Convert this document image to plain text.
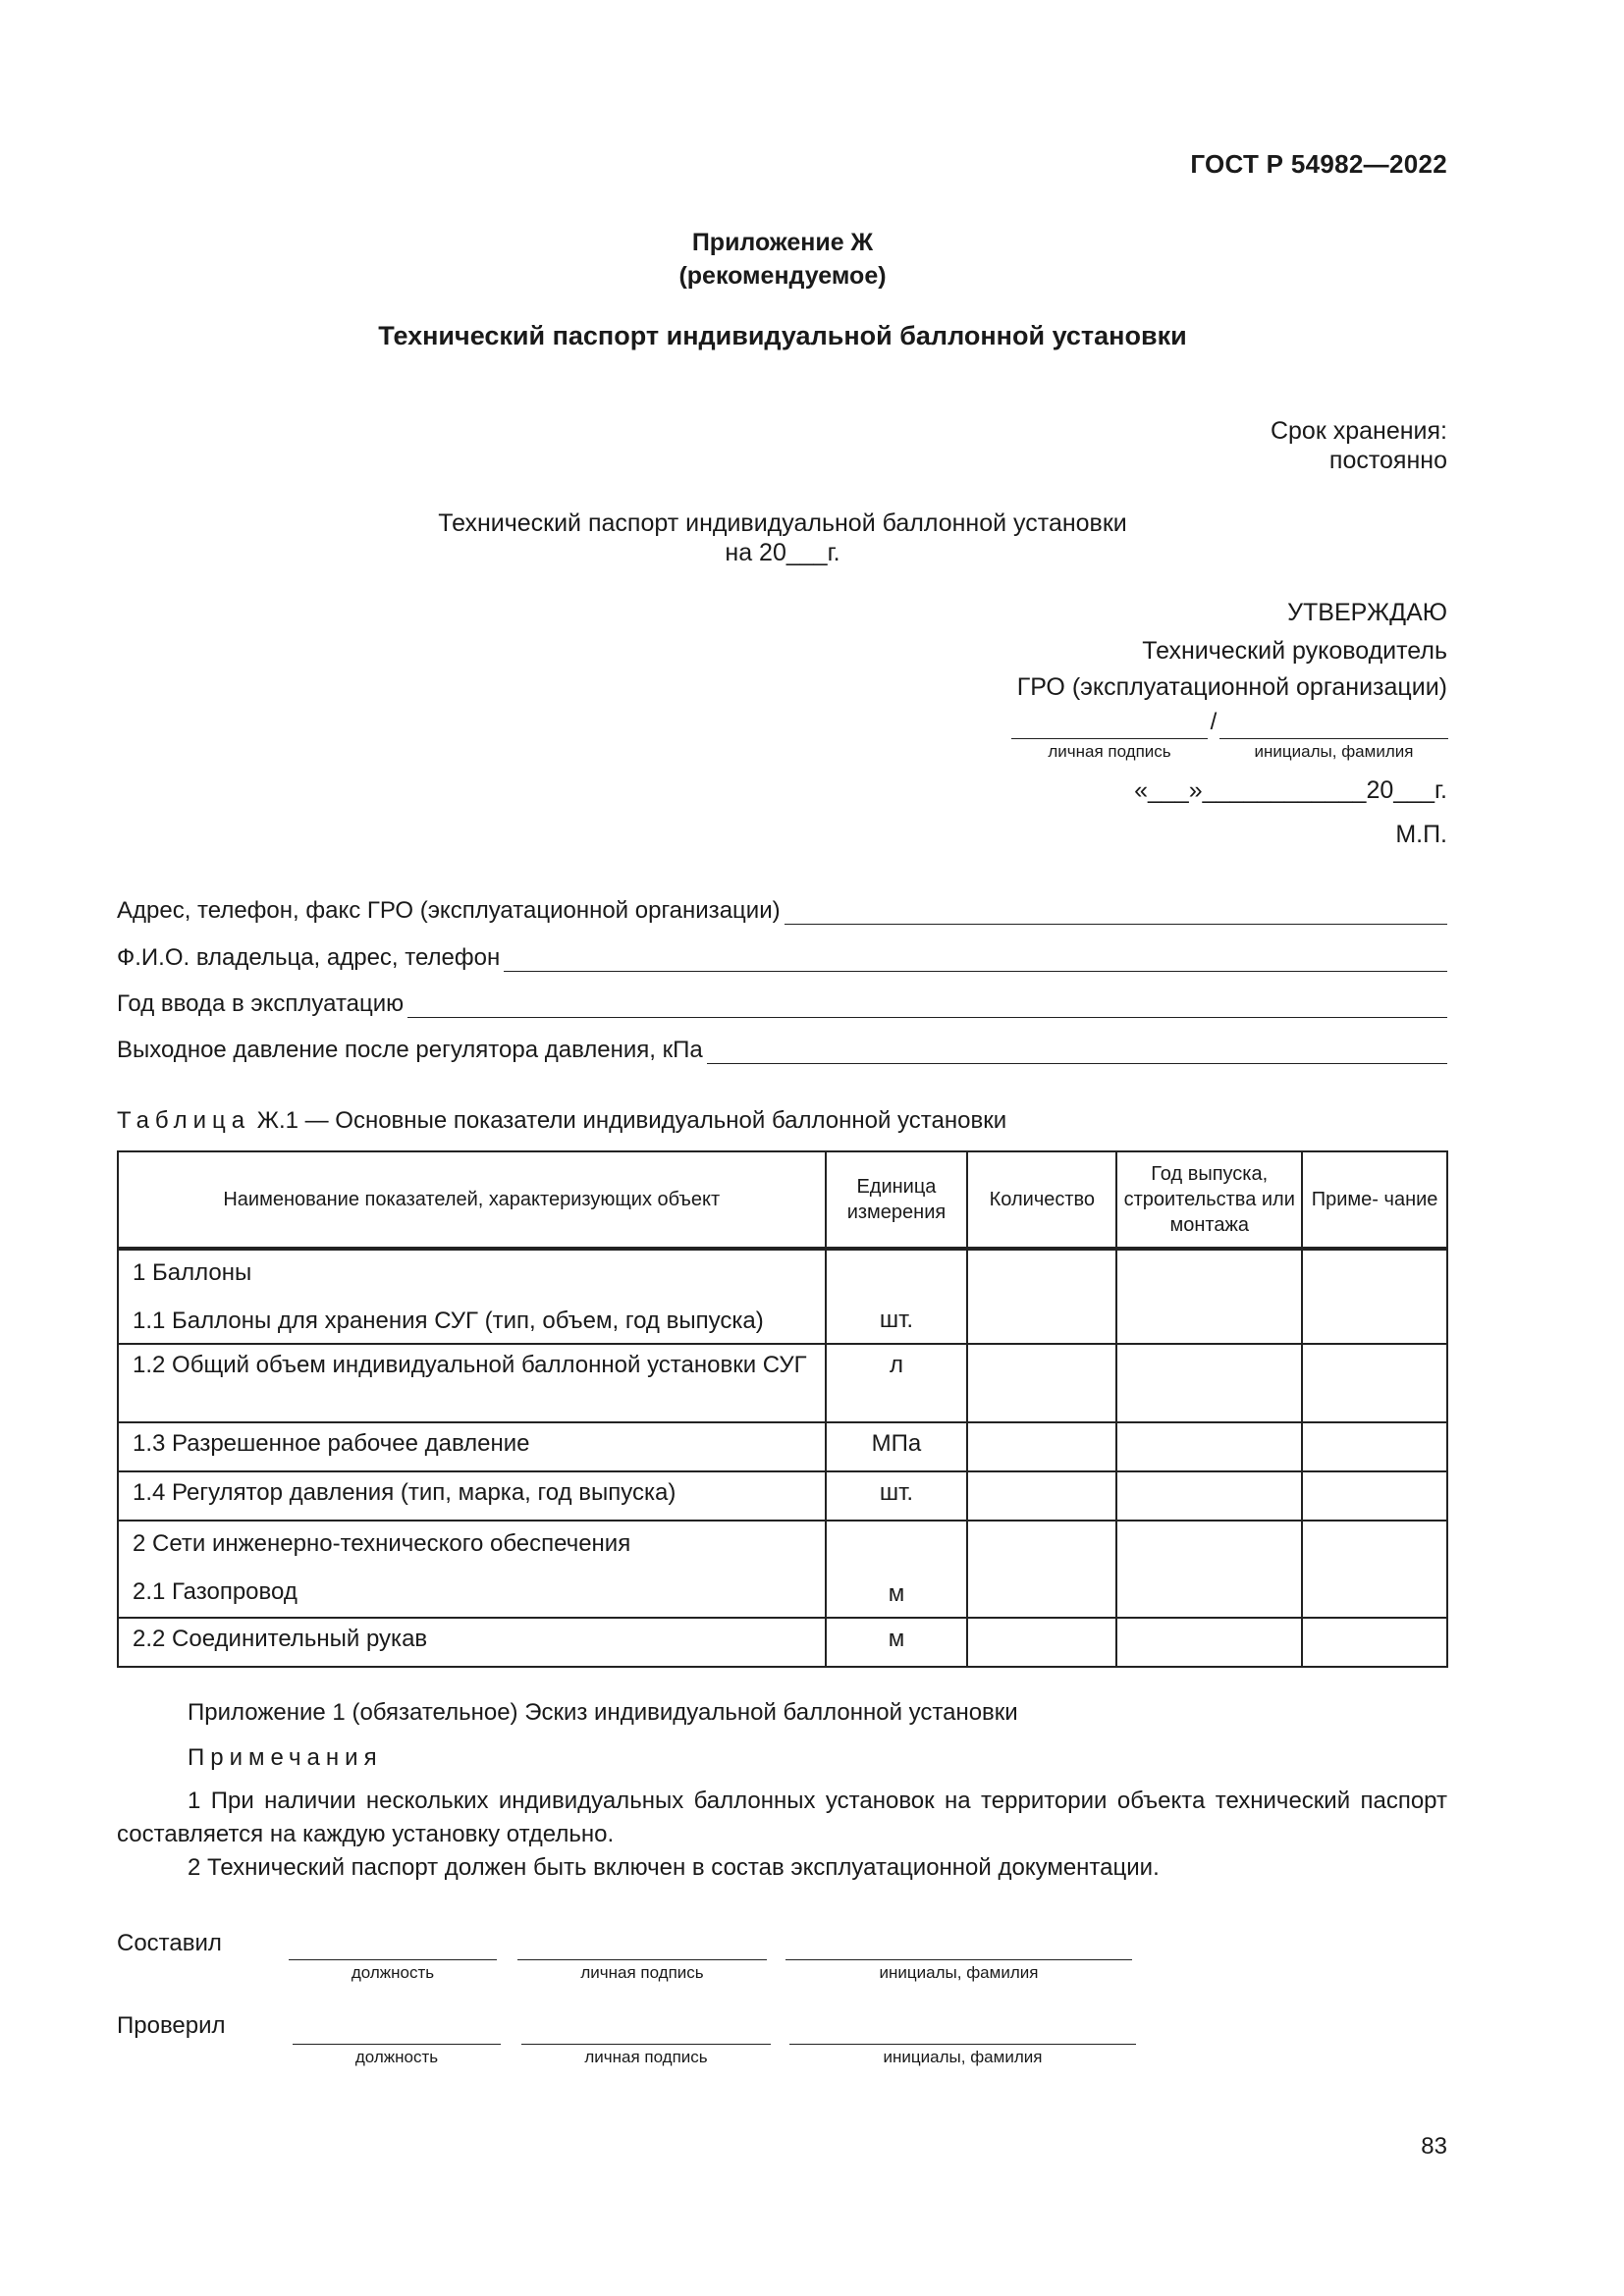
ГОСТ Р 54982—2022
Приложение Ж
(рекомендуемое)
Технический паспорт индивидуальной баллонной установки
Срок хранения:
постоянно
Технический паспорт индивидуальной баллонной установки
на 20___г.
УТВЕРЖДАЮ
Технический руководитель
ГРО (эксплуатационной организации)
/
личная подпись	инициалы, фамилия
«___»____________20___г.
М.П.
Адрес, телефон, факс ГРО (эксплуатационной организации)
Ф.И.О. владельца, адрес, телефон
Год ввода в эксплуатацию
Выходное давление после регулятора давления, кПа
Таблица Ж.1 — Основные показатели индивидуальной баллонной установки
Наименование показателей, характеризующих объект	Единица измерения	Количество	Год выпуска, строительства или монтажа	Приме- чание

1 Баллоны
1.1 Баллоны для хранения СУГ (тип, объем, год выпуска)	шт.			
1.2 Общий объем индивидуальной баллонной установки СУГ	л			
1.3 Разрешенное рабочее давление	МПа			
1.4 Регулятор давления (тип, марка, год выпуска)	шт.			

2 Сети инженерно-технического обеспечения
2.1 Газопровод	м			
2.2 Соединительный рукав	м			
Приложение 1 (обязательное) Эскиз индивидуальной баллонной установки
Примечания
1 При наличии нескольких индивидуальных баллонных установок на территории объекта технический паспорт составляется на каждую установку отдельно.
2 Технический паспорт должен быть включен в состав эксплуатационной документации.
Составил
должность	личная подпись	инициалы, фамилия
Проверил
должность	личная подпись	инициалы, фамилия
83
